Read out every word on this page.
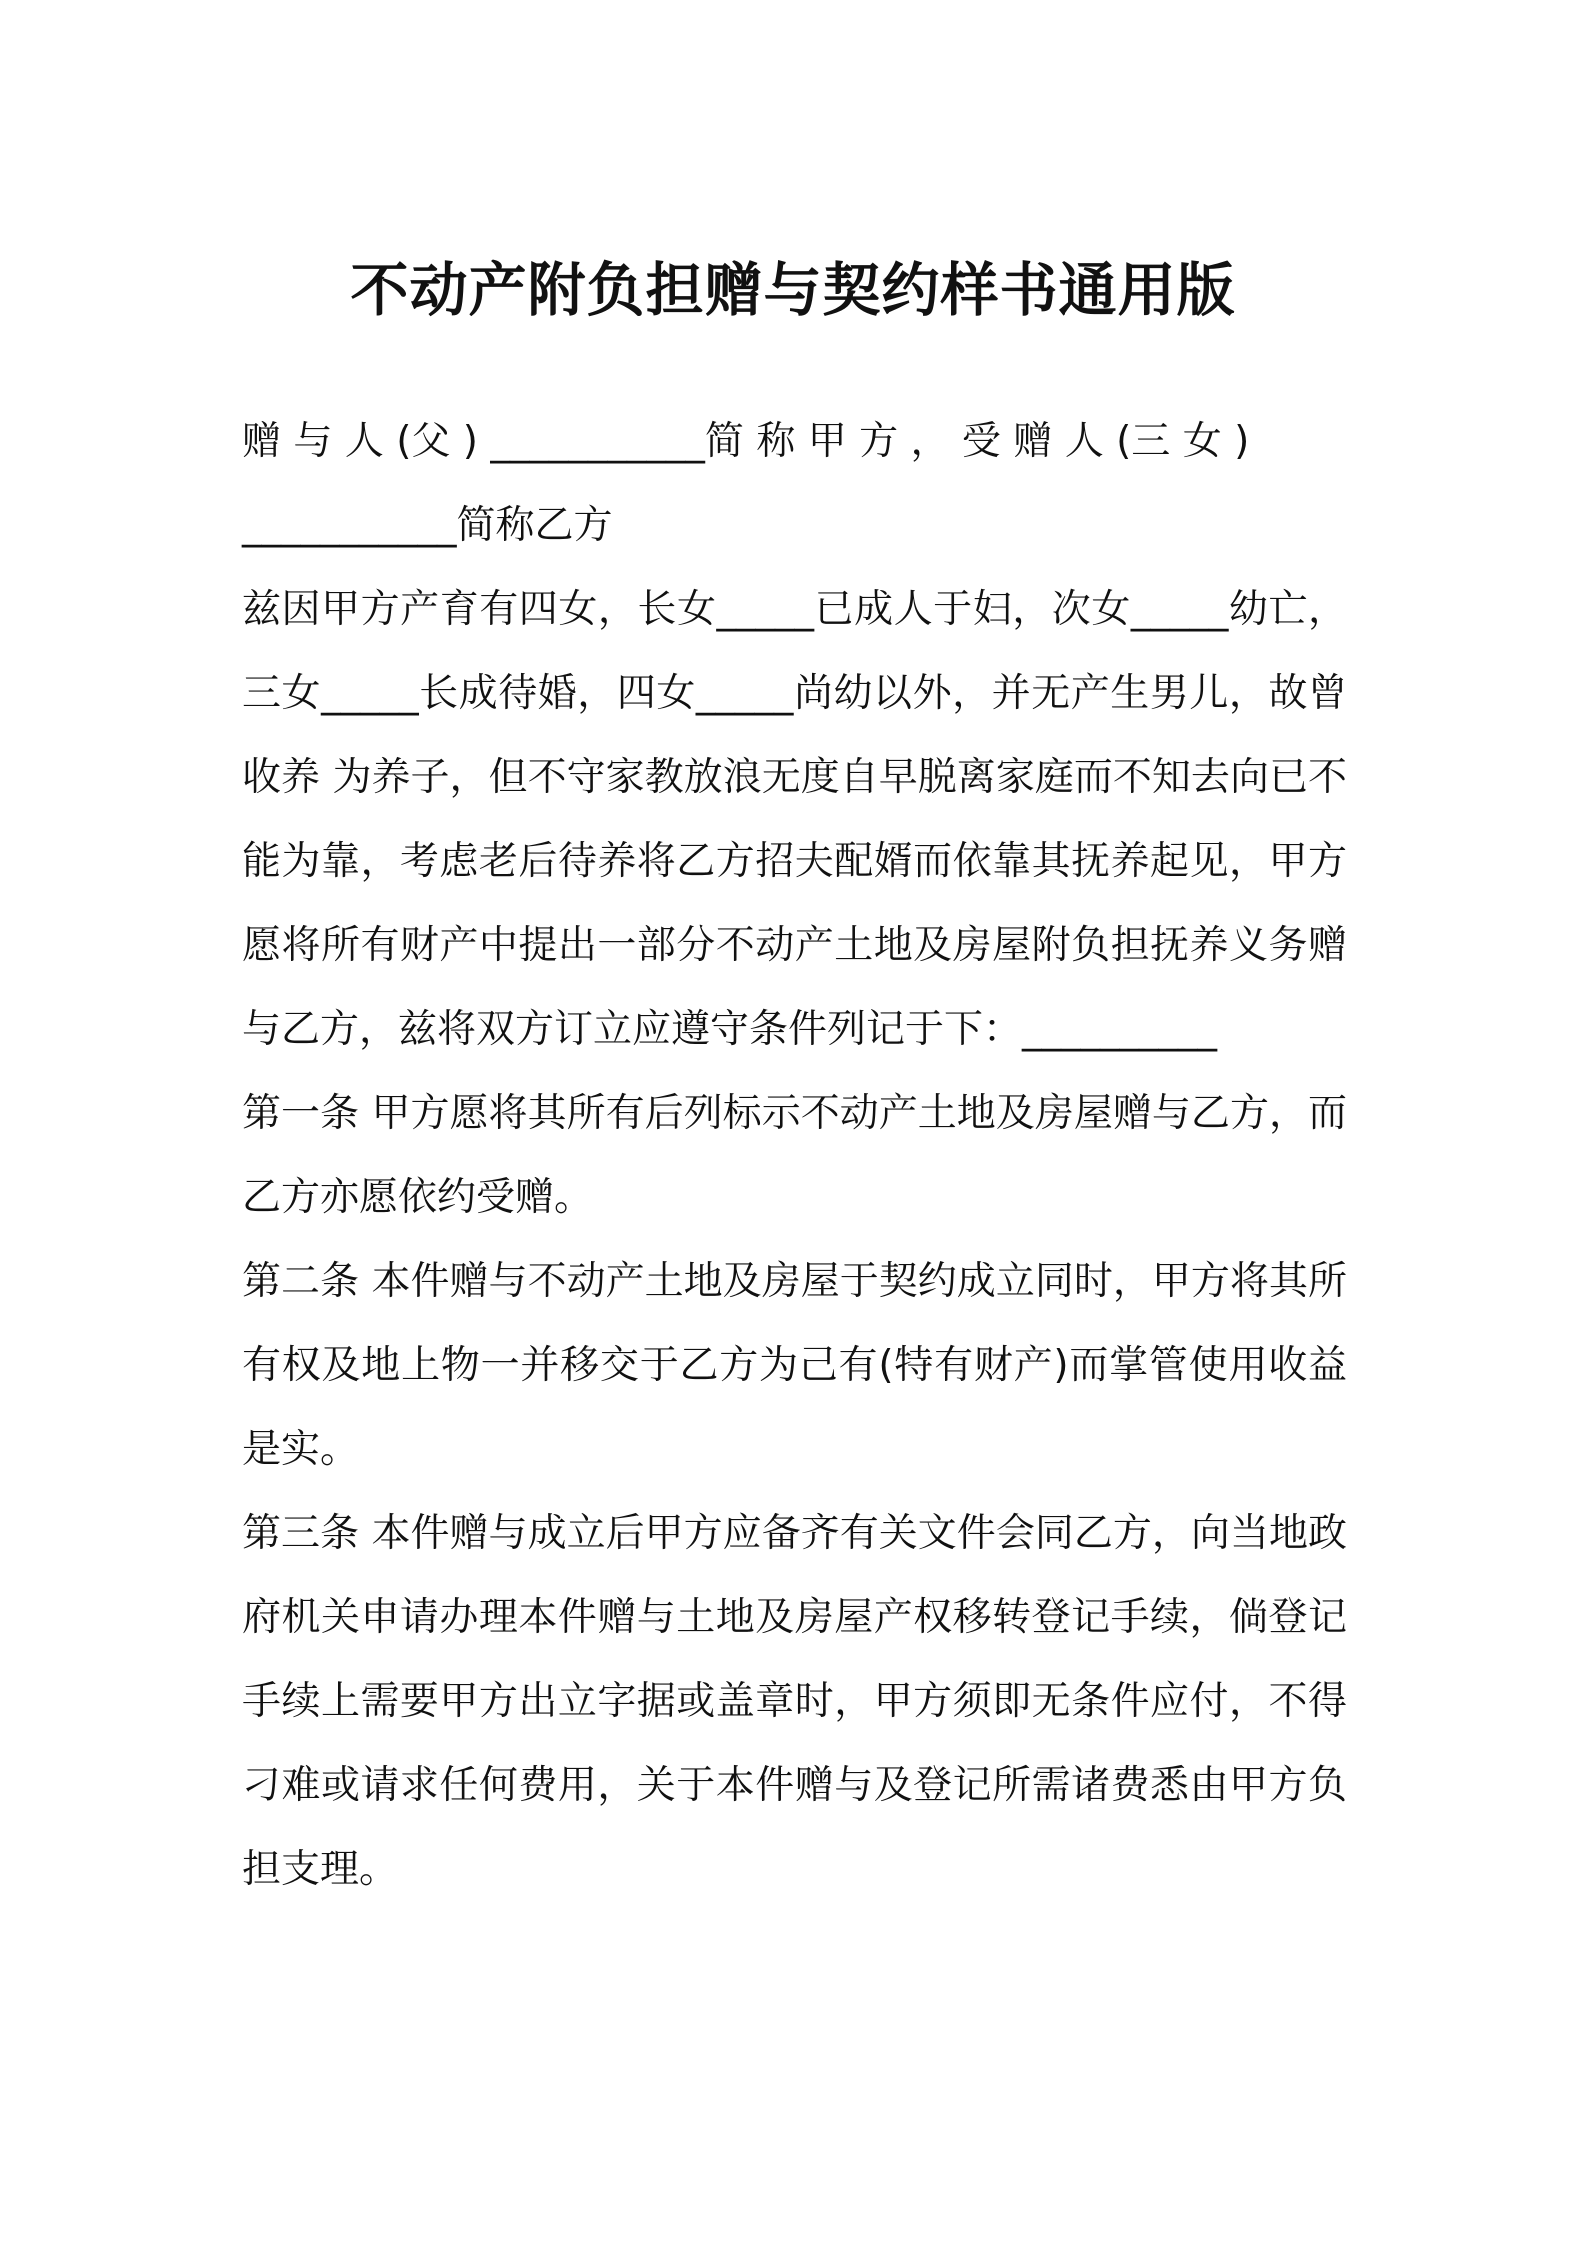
不动产附负担赠与契约样书通用版

赠 与 人 (父 ) ___________简 称 甲 方 ， 受 赠 人 (三 女 )

___________简称乙方

兹因甲方产育有四女，长女_____已成人于妇，次女_____幼亡，三女_____长成待婚，四女_____尚幼以外，并无产生男儿，故曾收养 为养子，但不守家教放浪无度自早脱离家庭而不知去向已不能为靠，考虑老后待养将乙方招夫配婿而依靠其抚养起见，甲方愿将所有财产中提出一部分不动产土地及房屋附负担抚养义务赠与乙方，兹将双方订立应遵守条件列记于下：__________

第一条 甲方愿将其所有后列标示不动产土地及房屋赠与乙方，而乙方亦愿依约受赠。

第二条 本件赠与不动产土地及房屋于契约成立同时，甲方将其所有权及地上物一并移交于乙方为己有(特有财产)而掌管使用收益是实。

第三条 本件赠与成立后甲方应备齐有关文件会同乙方，向当地政府机关申请办理本件赠与土地及房屋产权移转登记手续，倘登记手续上需要甲方出立字据或盖章时，甲方须即无条件应付，不得刁难或请求任何费用，关于本件赠与及登记所需诸费悉由甲方负担支理。
